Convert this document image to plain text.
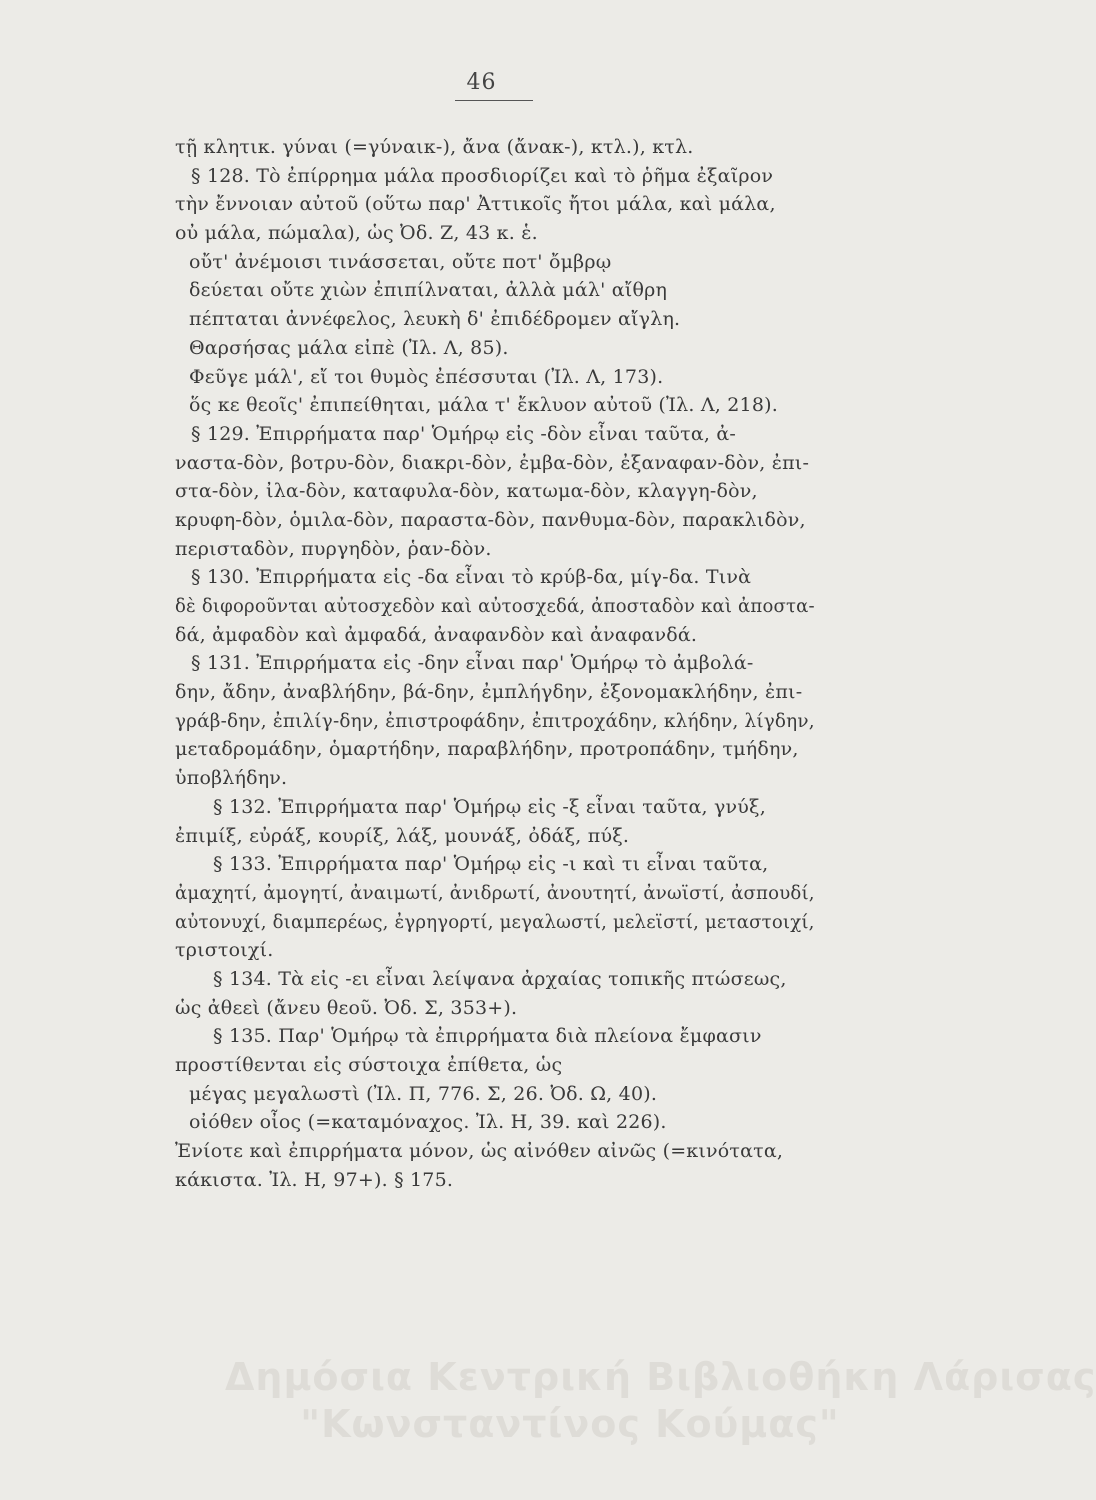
46
τῇ κλητικ. γύναι (=γύναικ-), ἄνα (ἄνακ-), κτλ.), κτλ.
§ 128. Τὸ ἐπίρρημα μάλα προσδιορίζει καὶ τὸ ῥῆμα ἐξαῖρον
τὴν ἔννοιαν αὐτοῦ (οὕτω παρ' Ἀττικοῖς ἤτοι μάλα, καὶ μάλα,
οὐ μάλα, πώμαλα), ὡς Ὀδ. Ζ, 43 κ. ἑ.
οὔτ' ἀνέμοισι τινάσσεται, οὔτε ποτ' ὄμβρῳ
δεύεται οὔτε χιὼν ἐπιπίλναται, ἀλλὰ μάλ' αἴθρη
πέπταται ἀννέφελος, λευκὴ δ' ἐπιδέδρομεν αἴγλη.
Θαρσήσας μάλα εἰπὲ (Ἰλ. Λ, 85).
Φεῦγε μάλ', εἴ τοι θυμὸς ἐπέσσυται (Ἰλ. Λ, 173).
ὅς κε θεοῖς' ἐπιπείθηται, μάλα τ' ἔκλυον αὐτοῦ (Ἰλ. Λ, 218).
§ 129. Ἐπιρρήματα παρ' Ὁμήρῳ εἰς -δὸν εἶναι ταῦτα, ἀ-
ναστα-δὸν, βοτρυ-δὸν, διακρι-δὸν, ἐμβα-δὸν, ἐξαναφαν-δὸν, ἐπι-
στα-δὸν, ἰλα-δὸν, καταφυλα-δὸν, κατωμα-δὸν, κλαγγη-δὸν,
κρυφη-δὸν, ὁμιλα-δὸν, παραστα-δὸν, πανθυμα-δὸν, παρακλιδὸν,
περισταδὸν, πυργηδὸν, ῥαν-δὸν.
§ 130. Ἐπιρρήματα εἰς -δα εἶναι τὸ κρύβ-δα, μίγ-δα. Τινὰ
δὲ διφοροῦνται αὐτοσχεδὸν καὶ αὐτοσχεδά, ἀποσταδὸν καὶ ἀποστα-
δά, ἀμφαδὸν καὶ ἀμφαδά, ἀναφανδὸν καὶ ἀναφανδά.
§ 131. Ἐπιρρήματα εἰς -δην εἶναι παρ' Ὁμήρῳ τὸ ἀμβολά-
δην, ἄδην, ἀναβλήδην, βά-δην, ἐμπλήγδην, ἐξονομακλήδην, ἐπι-
γράβ-δην, ἐπιλίγ-δην, ἐπιστροφάδην, ἐπιτροχάδην, κλήδην, λίγδην,
μεταδρομάδην, ὁμαρτήδην, παραβλήδην, προτροπάδην, τμήδην,
ὑποβλήδην.
§ 132. Ἐπιρρήματα παρ' Ὁμήρῳ εἰς -ξ εἶναι ταῦτα, γνύξ,
ἐπιμίξ, εὐράξ, κουρίξ, λάξ, μουνάξ, ὀδάξ, πύξ.
§ 133. Ἐπιρρήματα παρ' Ὁμήρῳ εἰς -ι καὶ τι εἶναι ταῦτα,
ἀμαχητί, ἀμογητί, ἀναιμωτί, ἀνιδρωτί, ἀνουτητί, ἀνωϊστί, ἀσπουδί,
αὐτονυχί, διαμπερέως, ἐγρηγορτί, μεγαλωστί, μελεϊστί, μεταστοιχί,
τριστοιχί.
§ 134. Τὰ εἰς -ει εἶναι λείψανα ἀρχαίας τοπικῆς πτώσεως,
ὡς ἀθεεὶ (ἄνευ θεοῦ. Ὀδ. Σ, 353+).
§ 135. Παρ' Ὁμήρῳ τὰ ἐπιρρήματα διὰ πλείονα ἔμφασιν
προστίθενται εἰς σύστοιχα ἐπίθετα, ὡς
μέγας μεγαλωστὶ (Ἰλ. Π, 776. Σ, 26. Ὀδ. Ω, 40).
οἰόθεν οἶος (=καταμόναχος. Ἰλ. Η, 39. καὶ 226).
Ἐνίοτε καὶ ἐπιρρήματα μόνον, ὡς αἰνόθεν αἰνῶς (=κινότατα,
κάκιστα. Ἰλ. Η, 97+). § 175.
Δημόσια Κεντρική Βιβλιοθήκη Λάρισας
"Κωνσταντίνος Κούμας"
